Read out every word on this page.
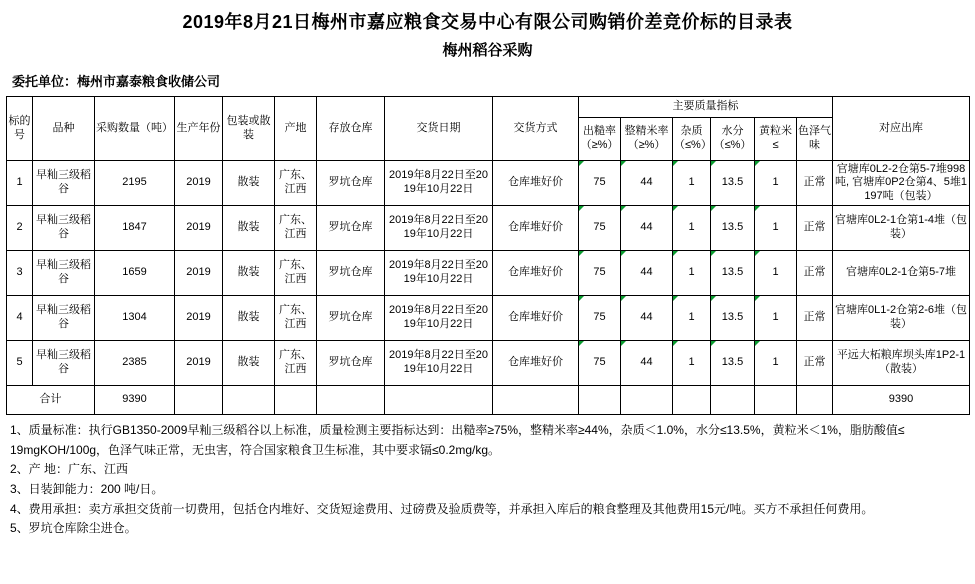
2019年8月21日梅州市嘉应粮食交易中心有限公司购销价差竞价标的目录表
梅州稻谷采购
委托单位：梅州市嘉泰粮食收储公司
标的号	品种	采购数量（吨）	生产年份	包装或散装	产地	存放仓库	交货日期	交货方式	主要质量指标						对应出库
									出糙率（≥%）	整精米率（≥%）	杂质（≤%）	水分（≤%）	黄粒米≤	色泽气味	
1	早籼三级稻谷	2195	2019	散装	广东、江西	罗坑仓库	2019年8月22日至2019年10月22日	仓库堆好价	75	44	1	13.5	1	正常	官塘库0L2-2仓第5-7堆998吨, 官塘库0P2仓第4、5堆1197吨（包装）
2	早籼三级稻谷	1847	2019	散装	广东、江西	罗坑仓库	2019年8月22日至2019年10月22日	仓库堆好价	75	44	1	13.5	1	正常	官塘库0L2-1仓第1-4堆（包装）
3	早籼三级稻谷	1659	2019	散装	广东、江西	罗坑仓库	2019年8月22日至2019年10月22日	仓库堆好价	75	44	1	13.5	1	正常	官塘库0L2-1仓第5-7堆
4	早籼三级稻谷	1304	2019	散装	广东、江西	罗坑仓库	2019年8月22日至2019年10月22日	仓库堆好价	75	44	1	13.5	1	正常	官塘库0L1-2仓第2-6堆（包装）
5	早籼三级稻谷	2385	2019	散装	广东、江西	罗坑仓库	2019年8月22日至2019年10月22日	仓库堆好价	75	44	1	13.5	1	正常	平远大柘粮库坝头库1P2-1（散装）
合计		9390													9390
1、质量标准：执行GB1350-2009早籼三级稻谷以上标准，质量检测主要指标达到：出糙率≥75%，整精米率≥44%，杂质＜1.0%，水分≤13.5%，黄粒米＜1%，脂肪酸值≤
19mgKOH/100g，色泽气味正常，无虫害，符合国家粮食卫生标准，其中要求镉≤0.2mg/kg。
2、产 地：广东、江西
3、日装卸能力：200 吨/日。
4、费用承担：卖方承担交货前一切费用，包括仓内堆好、交货短途费用、过磅费及验质费等，并承担入库后的粮食整理及其他费用15元/吨。买方不承担任何费用。
5、罗坑仓库除尘进仓。
